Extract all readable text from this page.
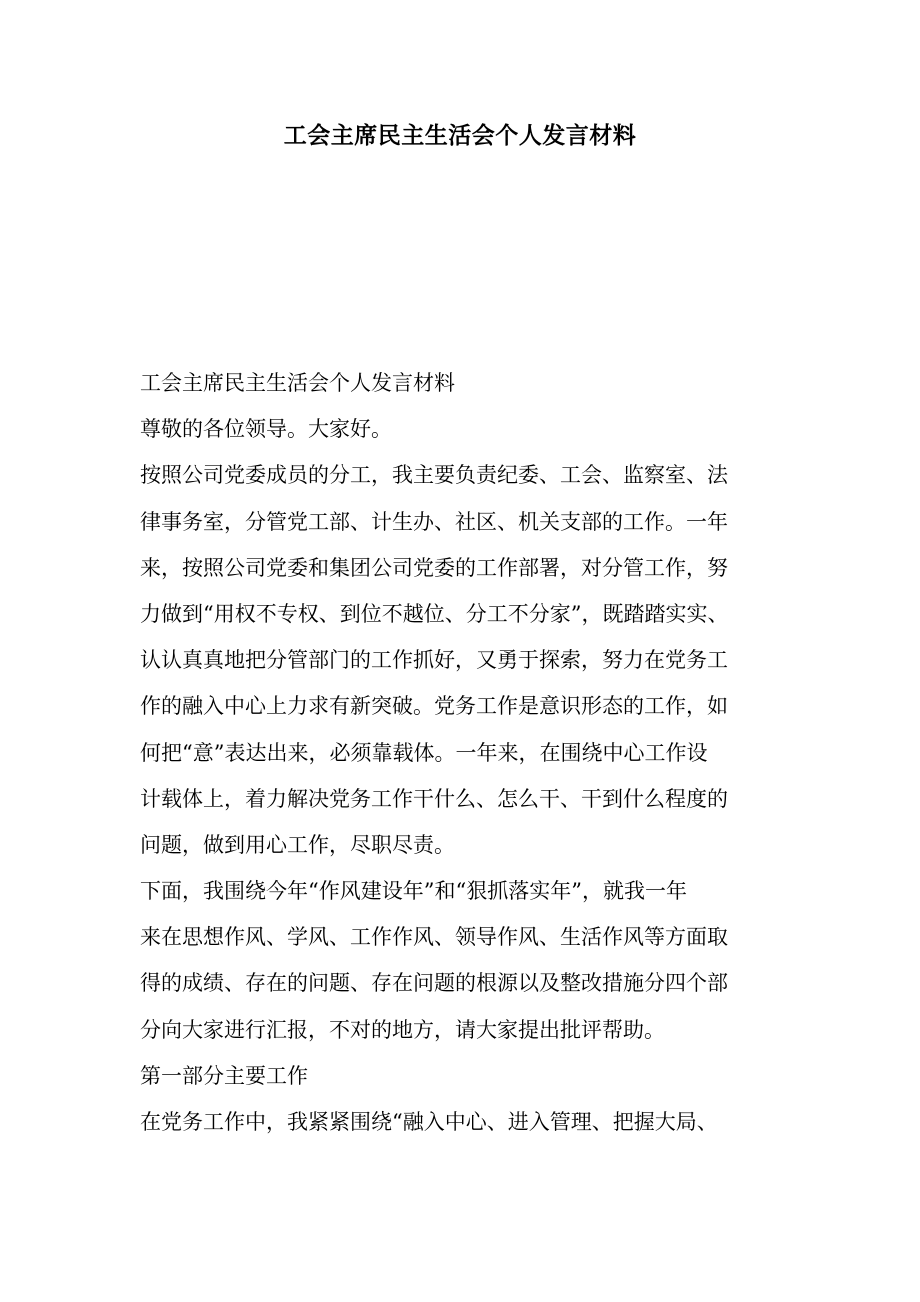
工会主席民主生活会个人发言材料
工会主席民主生活会个人发言材料
尊敬的各位领导。大家好。
按照公司党委成员的分工，我主要负责纪委、工会、监察室、法
律事务室，分管党工部、计生办、社区、机关支部的工作。一年
来，按照公司党委和集团公司党委的工作部署，对分管工作，努
力做到“用权不专权、到位不越位、分工不分家”，既踏踏实实、
认认真真地把分管部门的工作抓好，又勇于探索，努力在党务工
作的融入中心上力求有新突破。党务工作是意识形态的工作，如
何把“意”表达出来，必须靠载体。一年来，在围绕中心工作设
计载体上，着力解决党务工作干什么、怎么干、干到什么程度的
问题，做到用心工作，尽职尽责。
下面，我围绕今年“作风建设年”和“狠抓落实年”，就我一年
来在思想作风、学风、工作作风、领导作风、生活作风等方面取
得的成绩、存在的问题、存在问题的根源以及整改措施分四个部
分向大家进行汇报，不对的地方，请大家提出批评帮助。
第一部分主要工作
在党务工作中，我紧紧围绕“融入中心、进入管理、把握大局、
